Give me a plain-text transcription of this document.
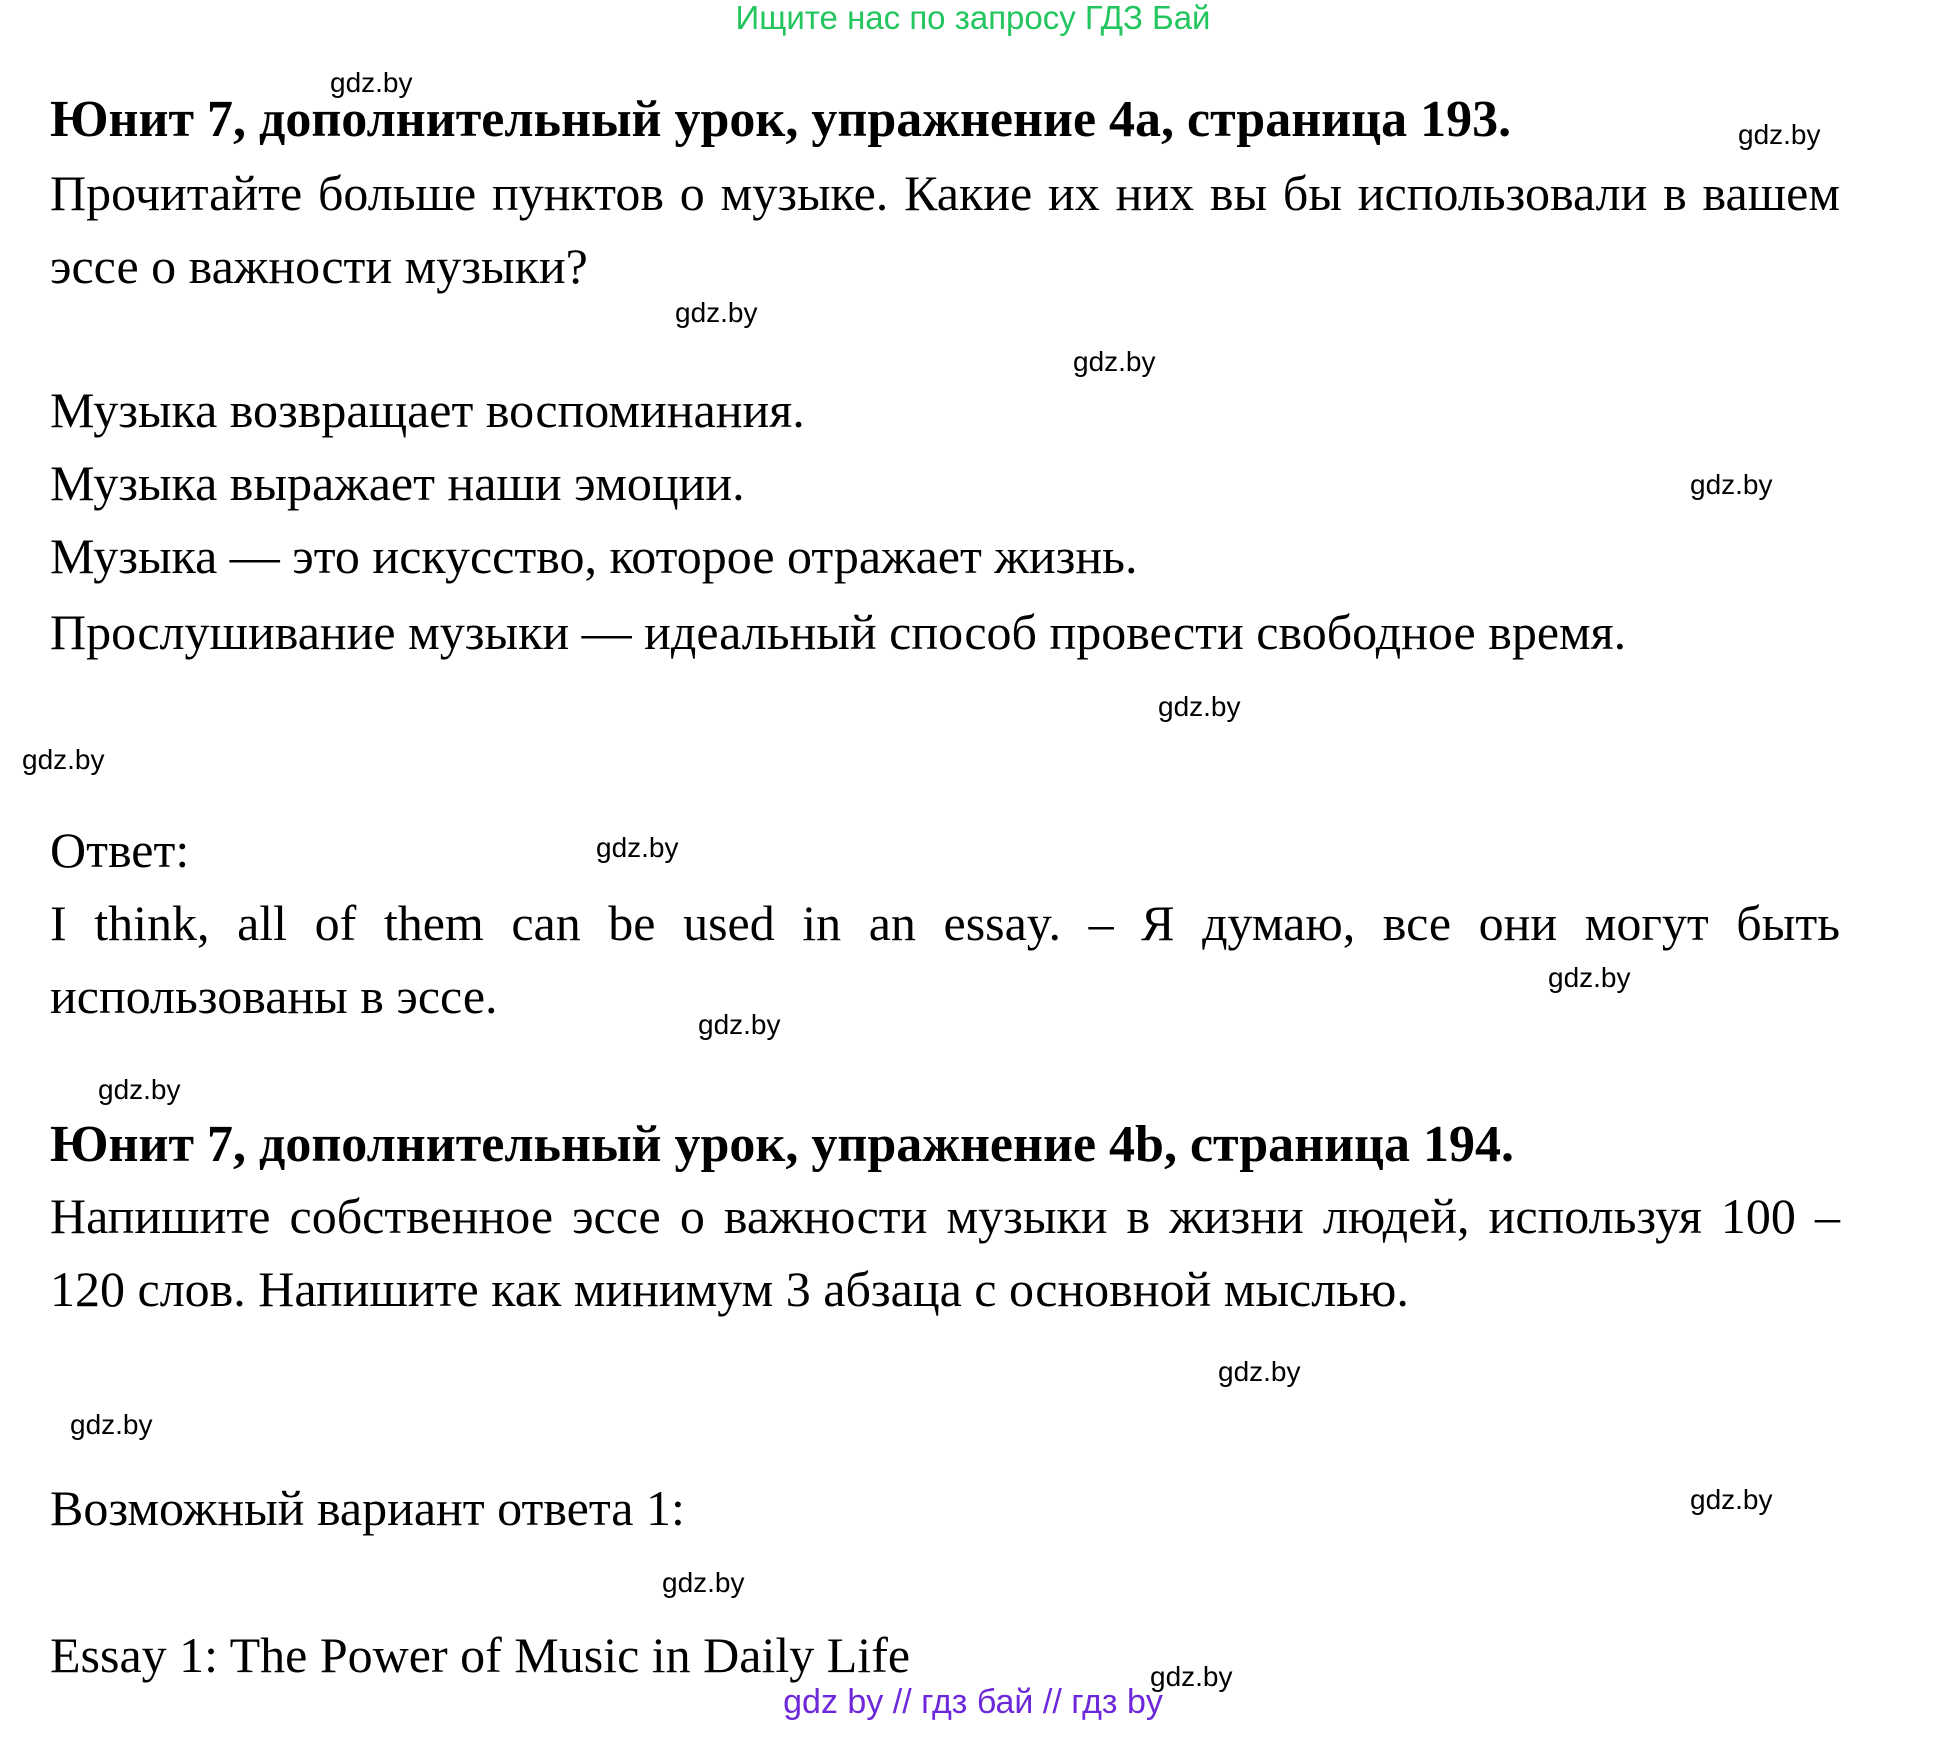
Ищите нас по запросу ГДЗ Бай
Юнит 7, дополнительный урок, упражнение 4a, страница 193.
Прочитайте больше пунктов о музыке. Какие их них вы бы использовали в вашем эссе о важности музыки?
Музыка возвращает воспоминания.
Музыка выражает наши эмоции.
Музыка — это искусство, которое отражает жизнь.
Прослушивание музыки — идеальный способ провести свободное время.
Ответ:
I think, all of them can be used in an essay. – Я думаю, все они могут быть использованы в эссе.
Юнит 7, дополнительный урок, упражнение 4b, страница 194.
Напишите собственное эссе о важности музыки в жизни людей, используя 100 – 120 слов. Напишите как минимум 3 абзаца с основной мыслью.
Возможный вариант ответа 1:
Essay 1: The Power of Music in Daily Life
gdz.by
gdz.by
gdz.by
gdz.by
gdz.by
gdz.by
gdz.by
gdz.by
gdz.by
gdz.by
gdz.by
gdz.by
gdz.by
gdz.by
gdz.by
gdz.by
gdz by // гдз бай // гдз by
